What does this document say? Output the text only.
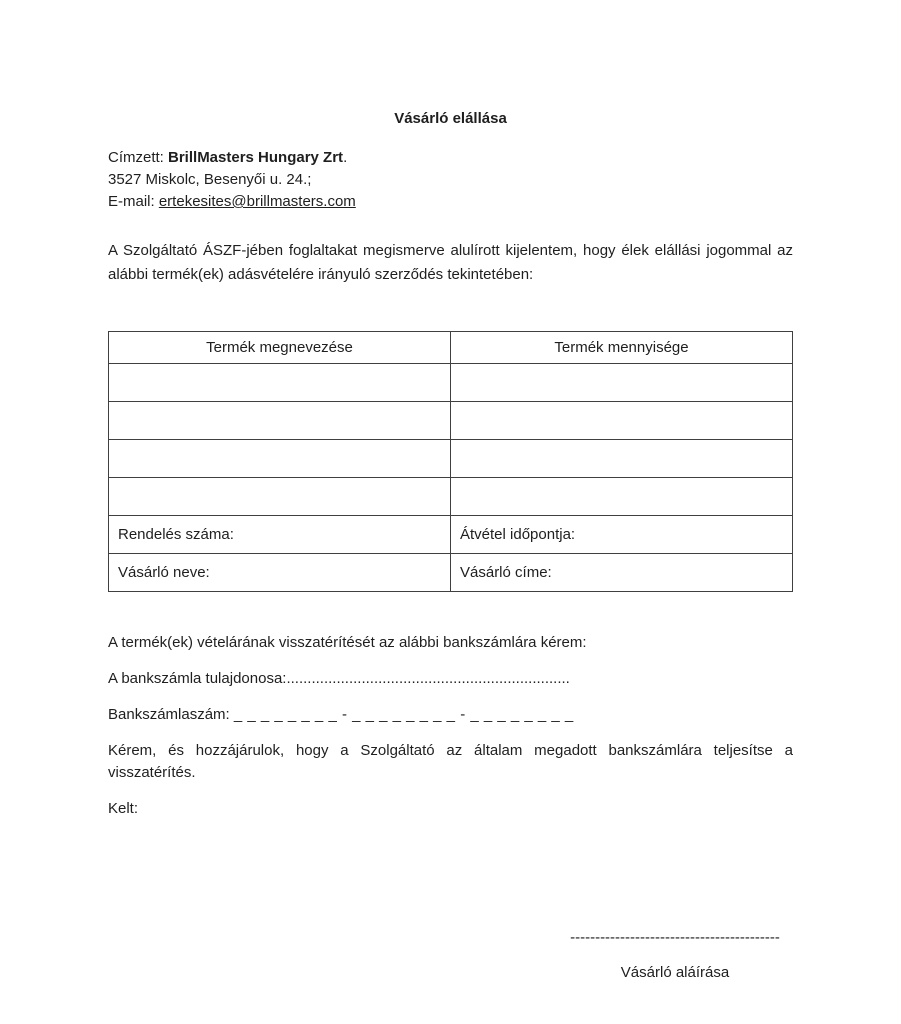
Vásárló elállása

Címzett: BrillMasters Hungary Zrt.

3527 Miskolc, Besenyői u. 24.;

E-mail: ertekesites@brillmasters.com

A Szolgáltató ÁSZF-jében foglaltakat megismerve alulírott kijelentem, hogy élek elállási jogommal az alábbi termék(ek) adásvételére irányuló szerződés tekintetében:

Termék megnevezése	Termék mennyisége

Rendelés száma:	Átvétel időpontja:
Vásárló neve:	Vásárló címe:

A termék(ek) vételárának visszatérítését az alábbi bankszámlára kérem:

A bankszámla tulajdonosa:....................................................................

Bankszámlaszám: _ _ _ _ _ _ _ _ - _ _ _ _ _ _ _ _ - _ _ _ _ _ _ _ _

Kérem, és hozzájárulok, hogy a Szolgáltató az általam megadott bankszámlára teljesítse a visszatérítés.

Kelt:

------------------------------------------
Vásárló aláírása
